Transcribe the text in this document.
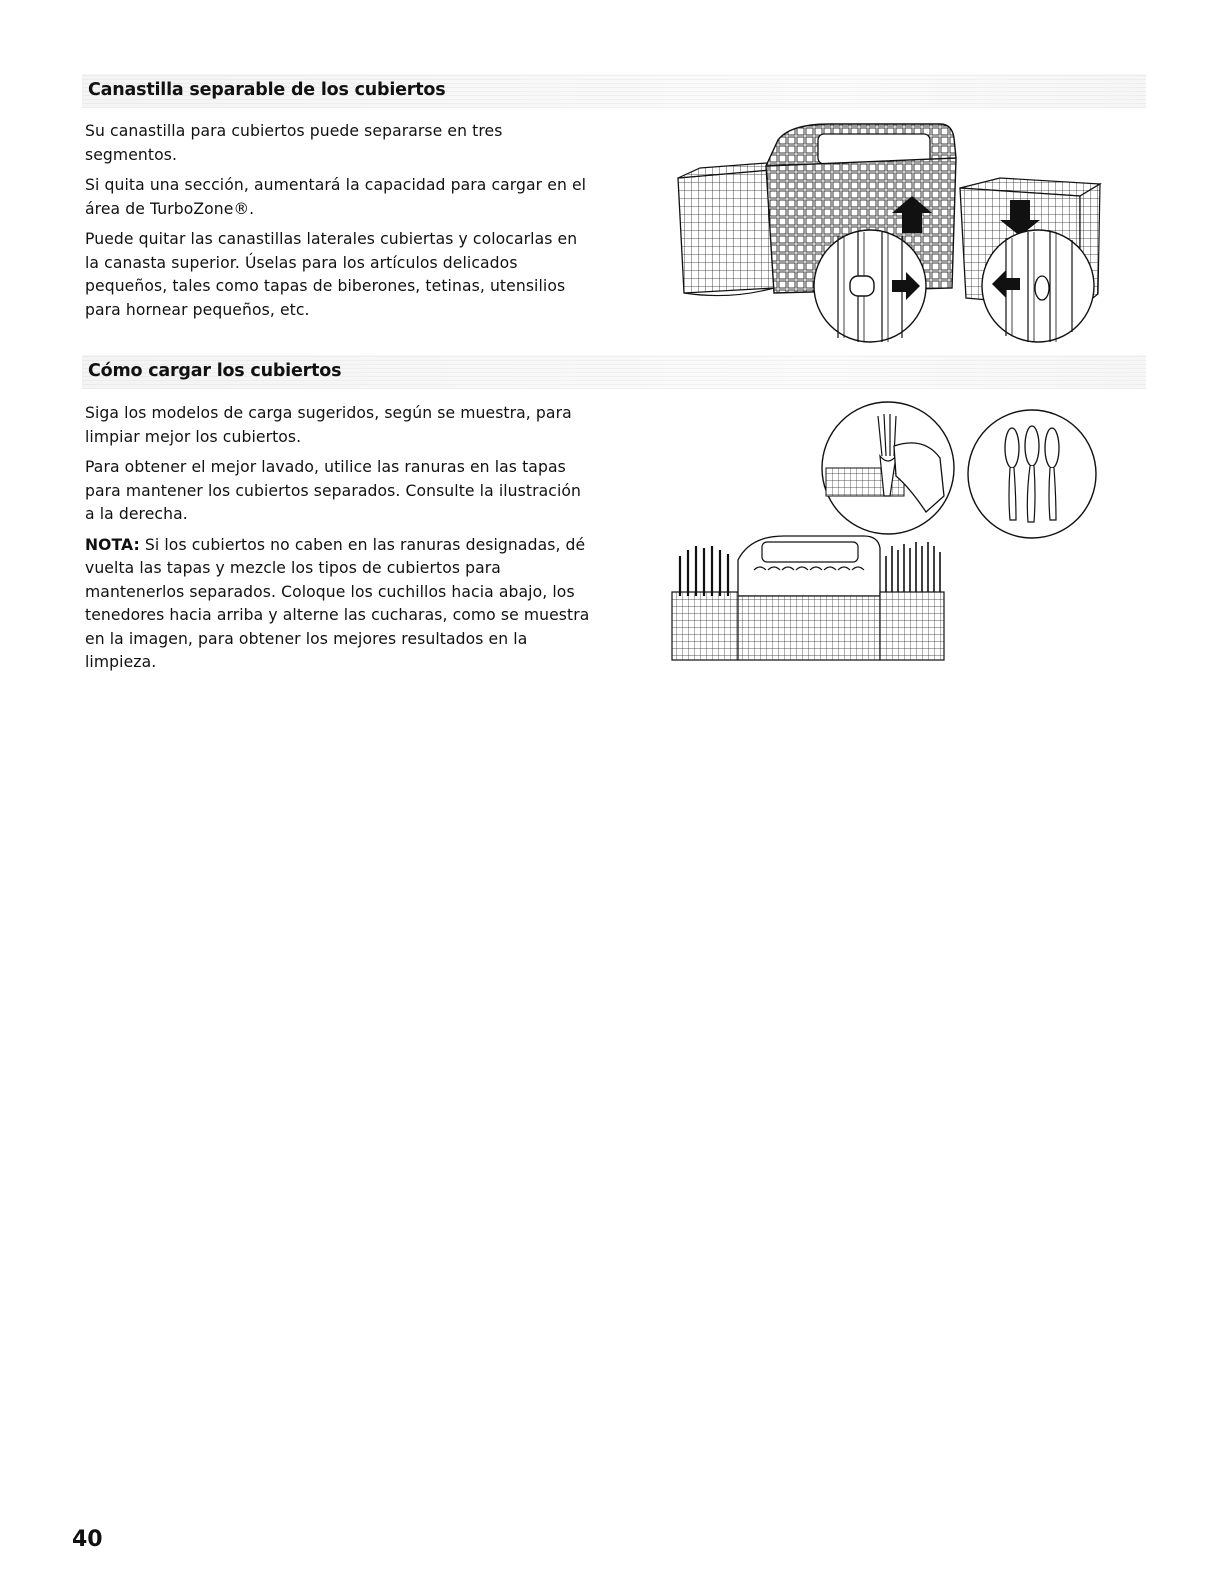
Canastilla separable de los cubiertos

Su canastilla para cubiertos puede separarse en tres segmentos.

Si quita una sección, aumentará la capacidad para cargar en el área de TurboZone®.

Puede quitar las canastillas laterales cubiertas y colocarlas en la canasta superior. Úselas para los artículos delicados pequeños, tales como tapas de biberones, tetinas, utensilios para hornear pequeños, etc.

Cómo cargar los cubiertos

Siga los modelos de carga sugeridos, según se muestra, para limpiar mejor los cubiertos.

Para obtener el mejor lavado, utilice las ranuras en las tapas para mantener los cubiertos separados. Consulte la ilustración a la derecha.

NOTA: Si los cubiertos no caben en las ranuras designadas, dé vuelta las tapas y mezcle los tipos de cubiertos para mantenerlos separados. Coloque los cuchillos hacia abajo, los tenedores hacia arriba y alterne las cucharas, como se muestra en la imagen, para obtener los mejores resultados en la limpieza.

40
